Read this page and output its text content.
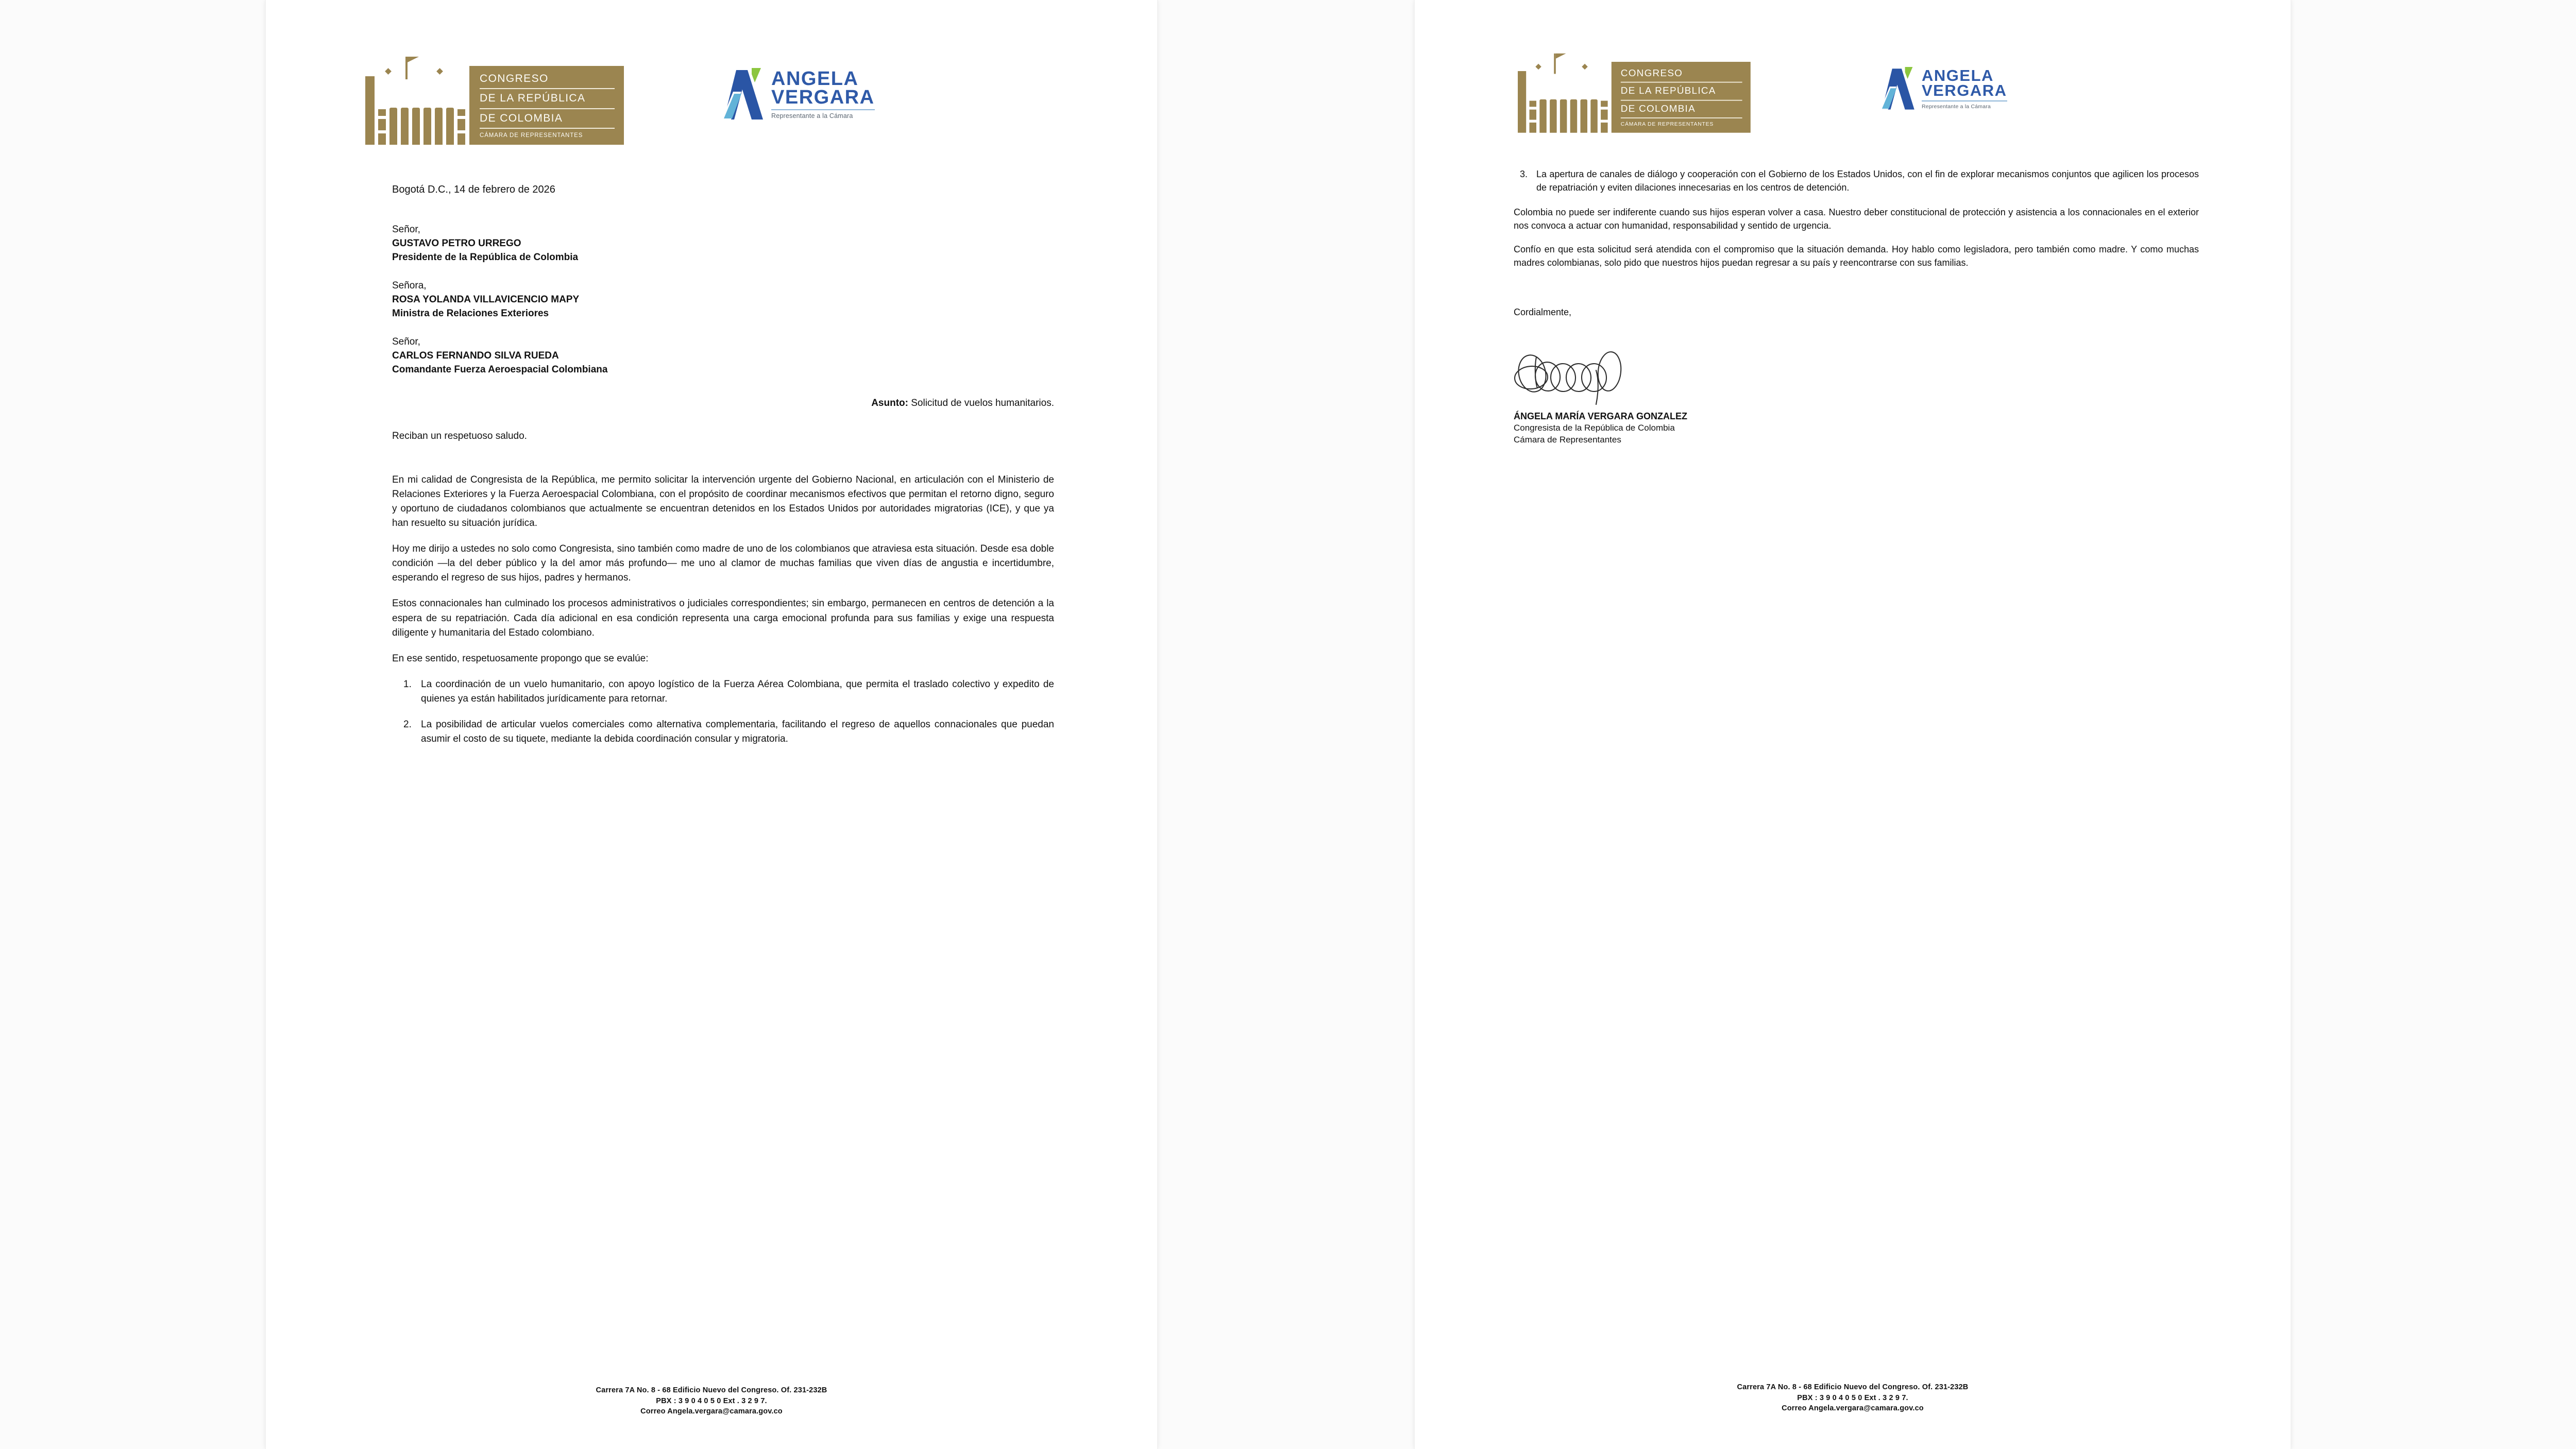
CONGRESO
DE LA REPÚBLICA
DE COLOMBIA
CÁMARA DE REPRESENTANTES
ANGELA
VERGARA
Representante a la Cámara
Bogotá D.C., 14 de febrero de 2026
Señor,
GUSTAVO PETRO URREGO
Presidente de la República de Colombia
Señora,
ROSA YOLANDA VILLAVICENCIO MAPY
Ministra de Relaciones Exteriores
Señor,
CARLOS FERNANDO SILVA RUEDA
Comandante Fuerza Aeroespacial Colombiana
Asunto: Solicitud de vuelos humanitarios.
Reciban un respetuoso saludo.

En mi calidad de Congresista de la República, me permito solicitar la intervención urgente del Gobierno Nacional, en articulación con el Ministerio de Relaciones Exteriores y la Fuerza Aeroespacial Colombiana, con el propósito de coordinar mecanismos efectivos que permitan el retorno digno, seguro y oportuno de ciudadanos colombianos que actualmente se encuentran detenidos en los Estados Unidos por autoridades migratorias (ICE), y que ya han resuelto su situación jurídica.

Hoy me dirijo a ustedes no solo como Congresista, sino también como madre de uno de los colombianos que atraviesa esta situación. Desde esa doble condición —la del deber público y la del amor más profundo— me uno al clamor de muchas familias que viven días de angustia e incertidumbre, esperando el regreso de sus hijos, padres y hermanos.

Estos connacionales han culminado los procesos administrativos o judiciales correspondientes; sin embargo, permanecen en centros de detención a la espera de su repatriación. Cada día adicional en esa condición representa una carga emocional profunda para sus familias y exige una respuesta diligente y humanitaria del Estado colombiano.

En ese sentido, respetuosamente propongo que se evalúe:

La coordinación de un vuelo humanitario, con apoyo logístico de la Fuerza Aérea Colombiana, que permita el traslado colectivo y expedito de quienes ya están habilitados jurídicamente para retornar.
La posibilidad de articular vuelos comerciales como alternativa complementaria, facilitando el regreso de aquellos connacionales que puedan asumir el costo de su tiquete, mediante la debida coordinación consular y migratoria.
Carrera 7A No. 8 - 68 Edificio Nuevo del Congreso. Of. 231-232B
PBX : 3 9 0 4 0 5 0 Ext . 3 2 9 7.
Correo Angela.vergara@camara.gov.co
CONGRESO
DE LA REPÚBLICA
DE COLOMBIA
CÁMARA DE REPRESENTANTES
ANGELA
VERGARA
Representante a la Cámara
La apertura de canales de diálogo y cooperación con el Gobierno de los Estados Unidos, con el fin de explorar mecanismos conjuntos que agilicen los procesos de repatriación y eviten dilaciones innecesarias en los centros de detención.

Colombia no puede ser indiferente cuando sus hijos esperan volver a casa. Nuestro deber constitucional de protección y asistencia a los connacionales en el exterior nos convoca a actuar con humanidad, responsabilidad y sentido de urgencia.

Confío en que esta solicitud será atendida con el compromiso que la situación demanda. Hoy hablo como legisladora, pero también como madre. Y como muchas madres colombianas, solo pido que nuestros hijos puedan regresar a su país y reencontrarse con sus familias.

Cordialmente,
ÁNGELA MARÍA VERGARA GONZALEZ
Congresista de la República de Colombia
Cámara de Representantes
Carrera 7A No. 8 - 68 Edificio Nuevo del Congreso. Of. 231-232B
PBX : 3 9 0 4 0 5 0 Ext . 3 2 9 7.
Correo Angela.vergara@camara.gov.co
